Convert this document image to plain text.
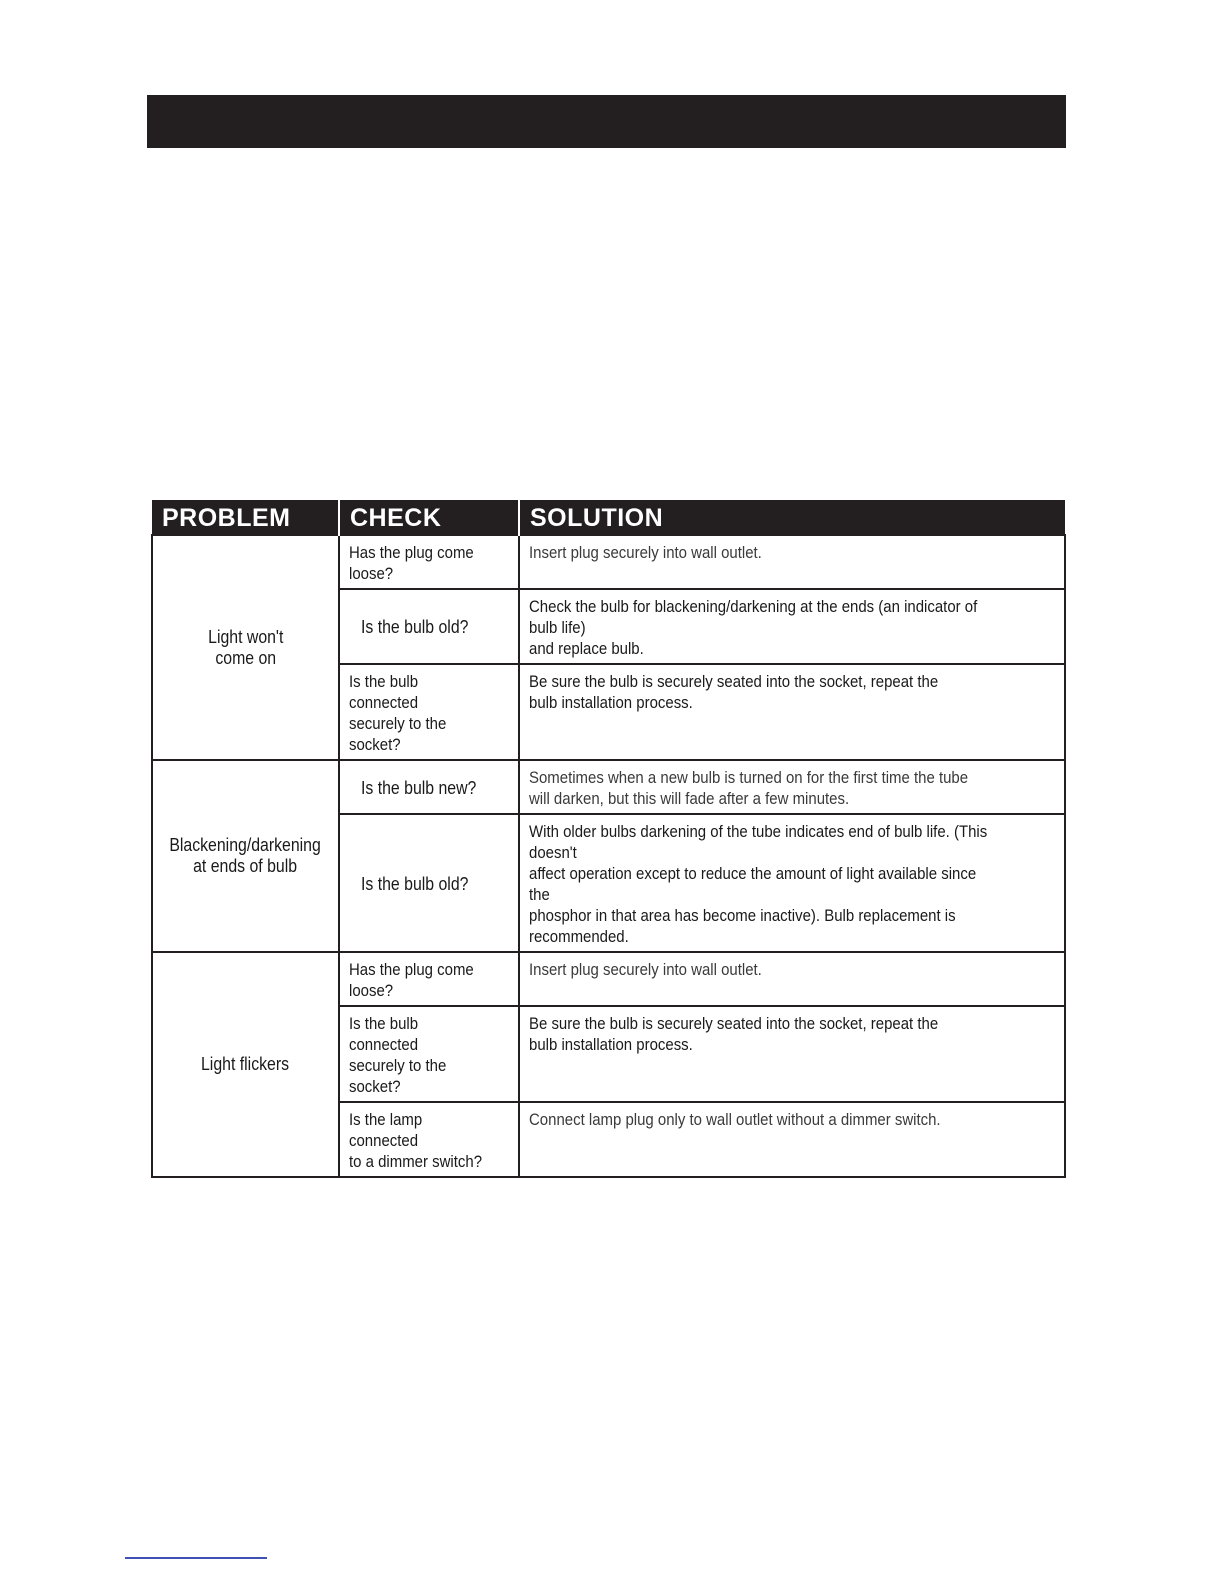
PROBLEM	CHECK	SOLUTION
Light won't
come on	Has the plug come
loose?	Insert plug securely into wall outlet.
	Is the bulb old?	Check the bulb for blackening/darkening at the ends (an indicator of bulb life)
and replace bulb.
	Is the bulb connected
securely to the socket?	Be sure the bulb is securely seated into the socket, repeat the
bulb installation process.
Blackening/darkening
at ends of bulb	Is the bulb new?	Sometimes when a new bulb is turned on for the first time the tube
will darken, but this will fade after a few minutes.
	Is the bulb old?	With older bulbs darkening of the tube indicates end of bulb life. (This doesn't
affect operation except to reduce the amount of light available since the
phosphor in that area has become inactive). Bulb replacement is recommended.
Light flickers	Has the plug come
loose?	Insert plug securely into wall outlet.
	Is the bulb connected
securely to the socket?	Be sure the bulb is securely seated into the socket, repeat the
bulb installation process.
	Is the lamp connected
to a dimmer switch?	Connect lamp plug only to wall outlet without a dimmer switch.
